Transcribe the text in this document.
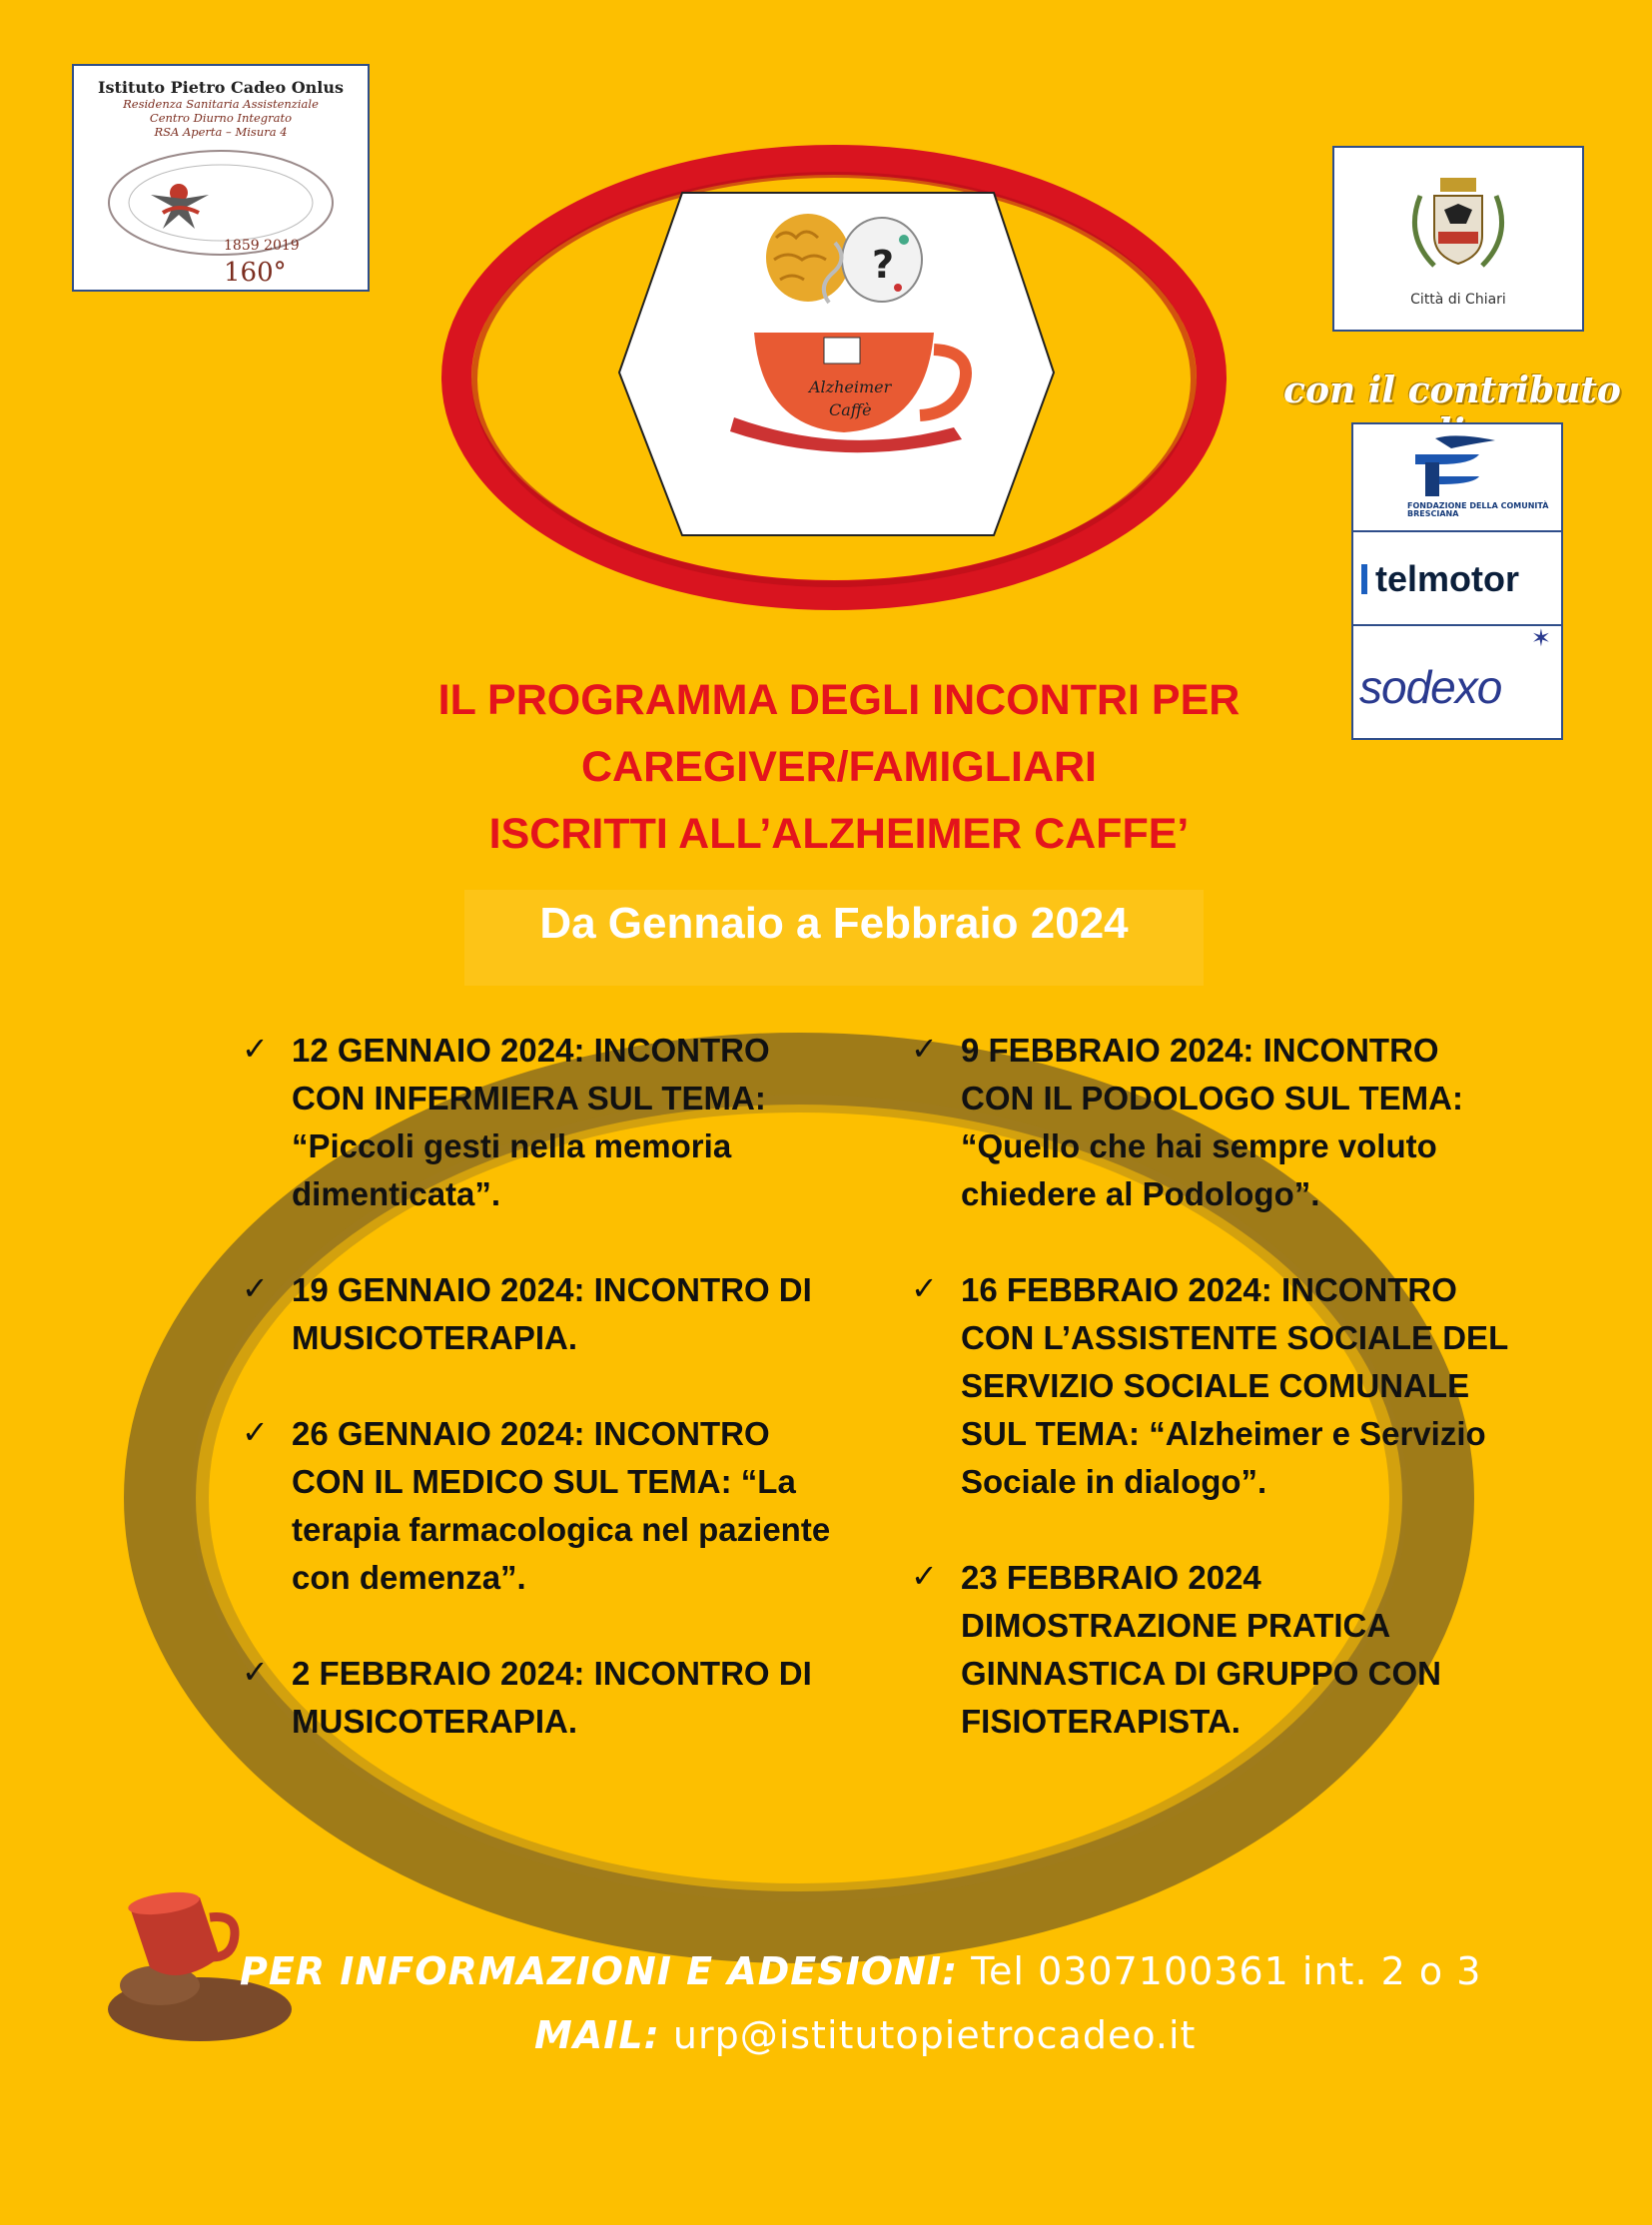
?
Alzheimer
Caffè
Istituto Pietro Cadeo Onlus
Residenza Sanitaria Assistenziale
Centro Diurno Integrato
RSA Aperta – Misura 4
1859 2019
160°
Città di Chiari
con il contributo
FONDAZIONE DELLA COMUNITÀ BRESCIANA
telmotor
✶
sodexo
IL PROGRAMMA DEGLI INCONTRI PER
CAREGIVER/FAMIGLIARI
ISCRITTI ALL’ALZHEIMER CAFFE’
Da Gennaio a Febbraio 2024
✓ 12 GENNAIO 2024: INCONTRO CON INFERMIERA SUL TEMA: “Piccoli gesti nella memoria dimenticata”.
✓ 19 GENNAIO 2024: INCONTRO DI MUSICOTERAPIA.
✓ 26 GENNAIO 2024: INCONTRO CON IL MEDICO SUL TEMA: “La terapia farmacologica nel paziente con demenza”.
✓ 2 FEBBRAIO 2024: INCONTRO DI MUSICOTERAPIA.
✓ 9 FEBBRAIO 2024: INCONTRO CON IL PODOLOGO SUL TEMA: “Quello che hai sempre voluto chiedere al Podologo”.
✓ 16 FEBBRAIO 2024: INCONTRO CON L’ASSISTENTE SOCIALE DEL SERVIZIO SOCIALE COMUNALE SUL TEMA: “Alzheimer e Servizio Sociale in dialogo”.
✓ 23 FEBBRAIO 2024 DIMOSTRAZIONE PRATICA GINNASTICA DI GRUPPO CON FISIOTERAPISTA.
PER INFORMAZIONI E ADESIONI: Tel 0307100361 int. 2 o 3
MAIL: urp@istitutopietrocadeo.it
